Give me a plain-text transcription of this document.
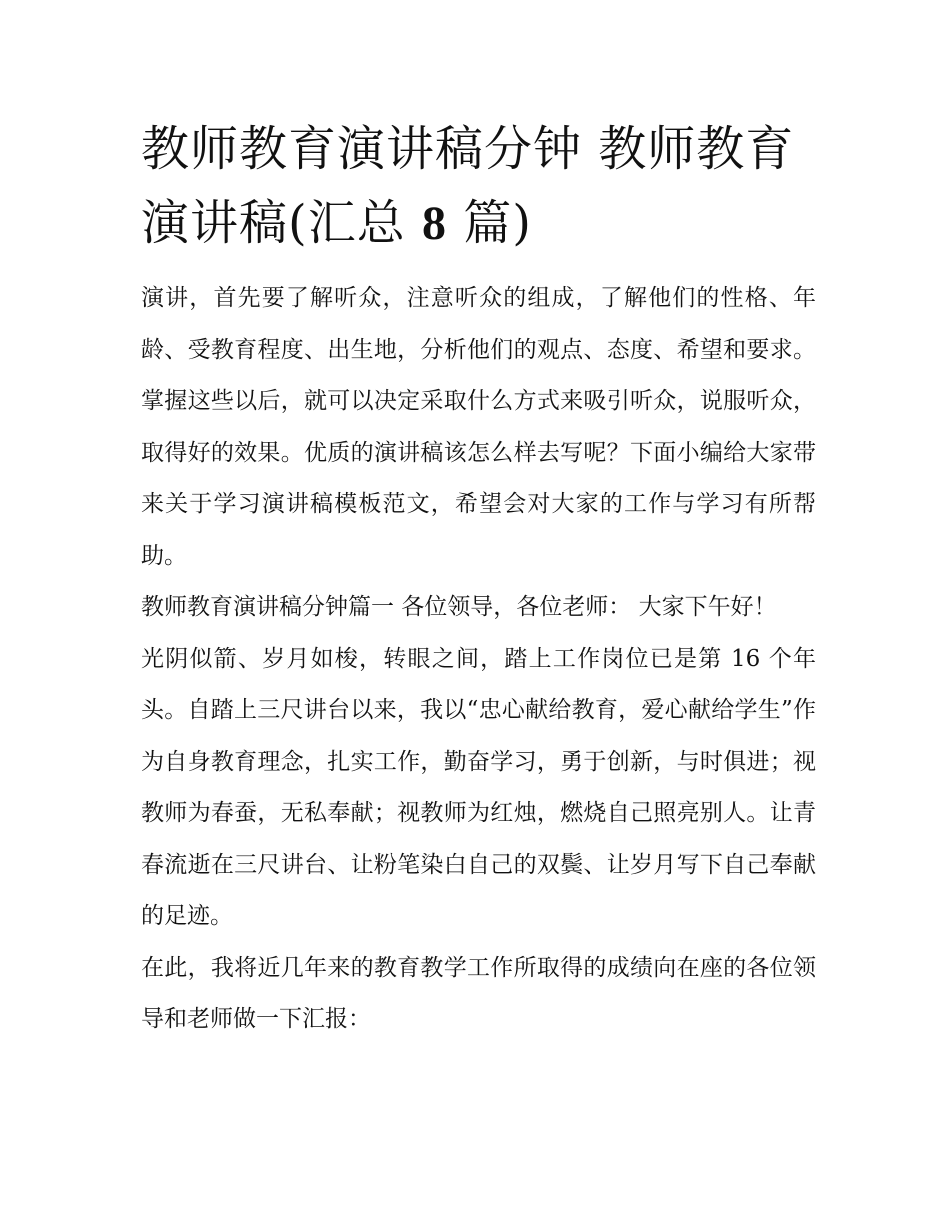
教师教育演讲稿分钟 教师教育演讲稿(汇总 8 篇)

演讲，首先要了解听众，注意听众的组成，了解他们的性格、年龄、受教育程度、出生地，分析他们的观点、态度、希望和要求。掌握这些以后，就可以决定采取什么方式来吸引听众，说服听众，取得好的效果。优质的演讲稿该怎么样去写呢？下面小编给大家带来关于学习演讲稿模板范文，希望会对大家的工作与学习有所帮助。

教师教育演讲稿分钟篇一 各位领导，各位老师： 大家下午好！

光阴似箭、岁月如梭，转眼之间，踏上工作岗位已是第 16 个年头。自踏上三尺讲台以来，我以“忠心献给教育，爱心献给学生”作为自身教育理念，扎实工作，勤奋学习，勇于创新，与时俱进；视教师为春蚕，无私奉献；视教师为红烛，燃烧自己照亮别人。让青春流逝在三尺讲台、让粉笔染白自己的双鬓、让岁月写下自己奉献的足迹。

在此，我将近几年来的教育教学工作所取得的成绩向在座的各位领导和老师做一下汇报：
